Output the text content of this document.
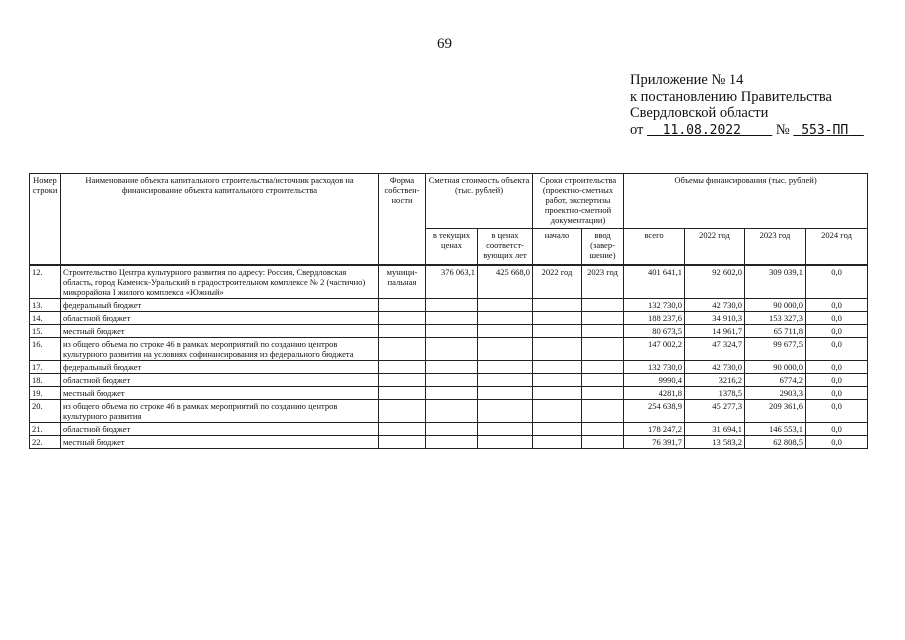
69
Приложение № 14
к постановлению Правительства
Свердловской области
от 11.08.2022 № 553-ПП
Номер строки	Наименование объекта капитального строительства/источник расходов на финансирование объекта капитального строительства	Форма собствен-ности	Сметная стоимость объекта (тыс. рублей)		Сроки строительства (проектно-сметных работ, экспертизы проектно-сметной документации)		Объемы финансирования (тыс. рублей)			
			в текущих ценах	в ценах соответст-вующих лет	начало	ввод (завер-шение)	всего	2022 год	2023 год	2024 год
12.	Строительство Центра культурного развития по адресу: Россия, Свердловская область, город Каменск-Уральский в градостроительном комплексе № 2 (частично) микрорайона I жилого комплекса «Южный»	муници-пальная	376 063,1	425 668,0	2022 год	2023 год	401 641,1	92 602,0	309 039,1	0,0
13.	федеральный бюджет						132 730,0	42 730,0	90 000,0	0,0
14.	областной бюджет						188 237,6	34 910,3	153 327,3	0,0
15.	местный бюджет						80 673,5	14 961,7	65 711,8	0,0
16.	из общего объема по строке 46 в рамках мероприятий по созданию центров культурного развития на условиях софинансирования из федерального бюджета						147 002,2	47 324,7	99 677,5	0,0
17.	федеральный бюджет						132 730,0	42 730,0	90 000,0	0,0
18.	областной бюджет						9990,4	3216,2	6774,2	0,0
19.	местный бюджет						4281,8	1378,5	2903,3	0,0
20.	из общего объема по строке 46 в рамках мероприятий по созданию центров культурного развития						254 638,9	45 277,3	209 361,6	0,0
21.	областной бюджет						178 247,2	31 694,1	146 553,1	0,0
22.	местный бюджет						76 391,7	13 583,2	62 808,5	0,0
